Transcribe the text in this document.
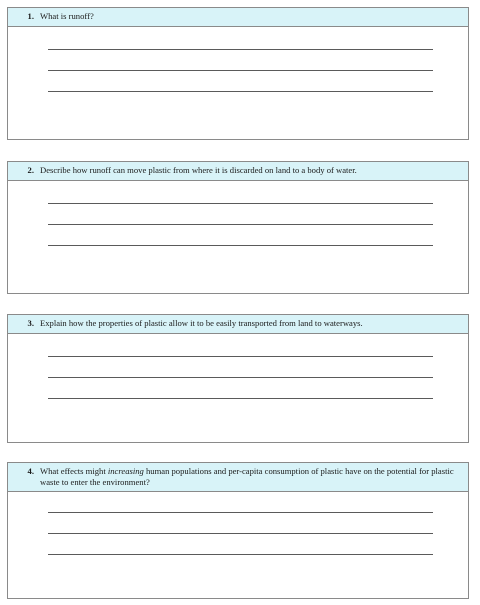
1. What is runoff?
2. Describe how runoff can move plastic from where it is discarded on land to a body of water.
3. Explain how the properties of plastic allow it to be easily transported from land to waterways.
4. What effects might increasing human populations and per-capita consumption of plastic have on the potential for plastic waste to enter the environment?
